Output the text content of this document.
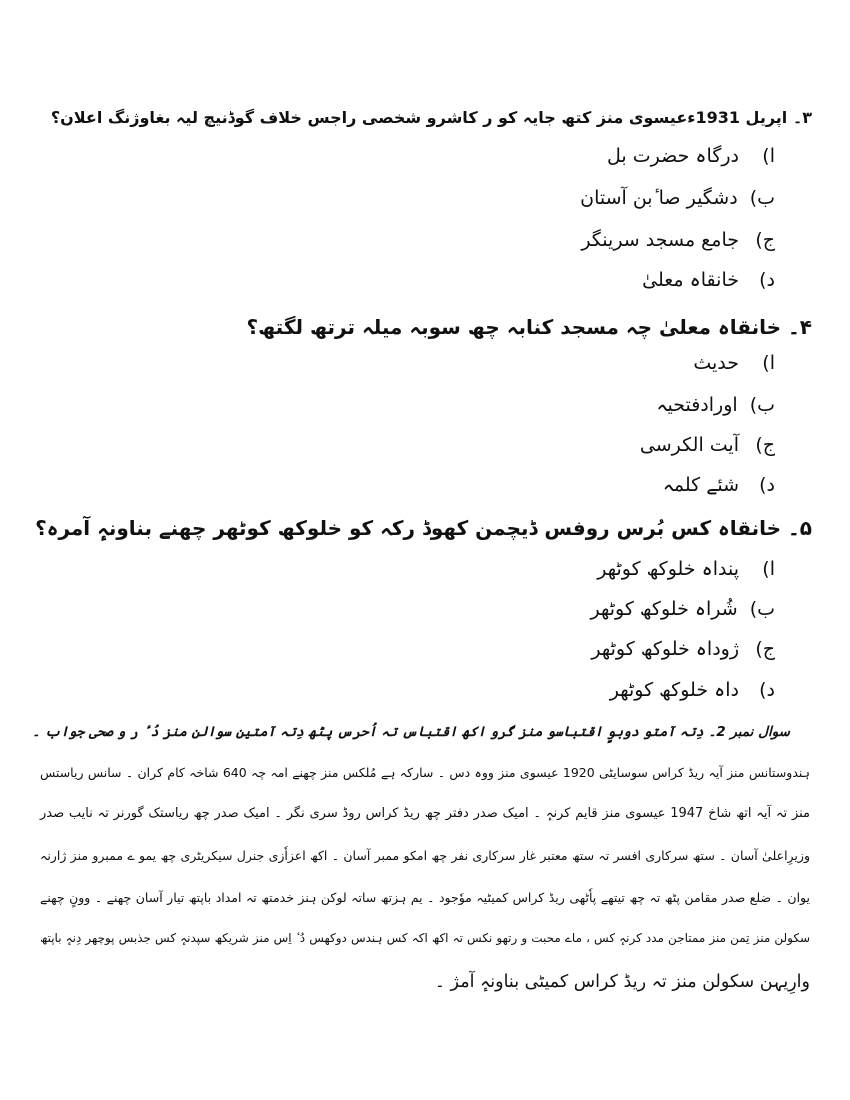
۳۔ اپریل 1931ءعیسوی منز کتھ جایہ کو ر کاشرو شخصی راجس خلاف گوڈنیچ لیہ بغاوژنگ اعلان؟
ا)درگاہ حضرت بل
ب)دشگیر صا ٔبن آستان
ج)جامع مسجد سرینگر
د)خانقاہ معلیٰ
۴۔ خانقاہ معلیٰ چہ مسجد کنابہ چھ سوبہ میلہ ترتھ لگتھ؟
ا)حدیث
ب)اورادفتحیہ
ج)آیت الکرسی
د)شئے کلمہ
۵۔ خانقاہ کس بُرس روفس ڈیچمن کھوڈ رکہ کو خلوکھ کوٹھر چھنے بناونہٕ آمرہ؟
ا)پنداہ خلوکھ کوٹھر
ب)شُراہ خلوکھ کوٹھر
ج)ژوداہ خلوکھ کوٹھر
د)داہ خلوکھ کوٹھر
سوال نمبر 2۔ دِتہ آمتو دوبوٍ اقتباسو منز گرو اکھ اقتباس تہ اُحرس پٹھ دِتہ آمتین سوالن منز دُ ٔ ر و صحی جواب ۔
ہندوستانس منز آیہ ریڈ کراس سوسایٹی 1920 عیسوی منز ووہ دس ۔ سارکہ ہے مُلکس منز چھنے امہ چہ 640 شاخہ کام کران ۔ سانس ریاستس
منز تہ آیہ اتھ شاخ 1947 عیسوی منز قایم کرنہٕ ۔ امیک صدر دفتر چھ ریڈ کراس روڈ سری نگر ۔ امیک صدر چھ ریاستک گورنر تہ نایب صدر
وزیرِاعلیٰ آسان ۔ ستھ سرکاری افسر تہ ستھ معتبر غار سرکاری نفر چھ امکو ممبر آسان ۔ اکھ اعزاٗزی جنرل سیکریٹری چھ یمو ے ممبرو منز ژارنہ
یوان ۔ ضلع صدر مقامن پٹھ تہ چھ تیتھے پاٗٹھی ریڈ کراس کمیٹیہ موٗجود ۔ یم ہزتھ ساتہ لوکن ہنز خدمتھ تہ امداد باپتھ تیار آسان چھنے ۔ وونٍ چھنے
سکولن منز تِمن منز ممتاجن مدد کرنہٕ کس ، ماے محبت و رتھو نکس تہ اکھ اکہ کس ہندس دوکھس دُ ٔ اِس منز شریکھ سپدنہٕ کس جذبس پوچھر دِنہٕ باپتھ
وارِیہن سکولن منز تہ ریڈ کراس کمیٹی بناونہٕ آمژ ۔
